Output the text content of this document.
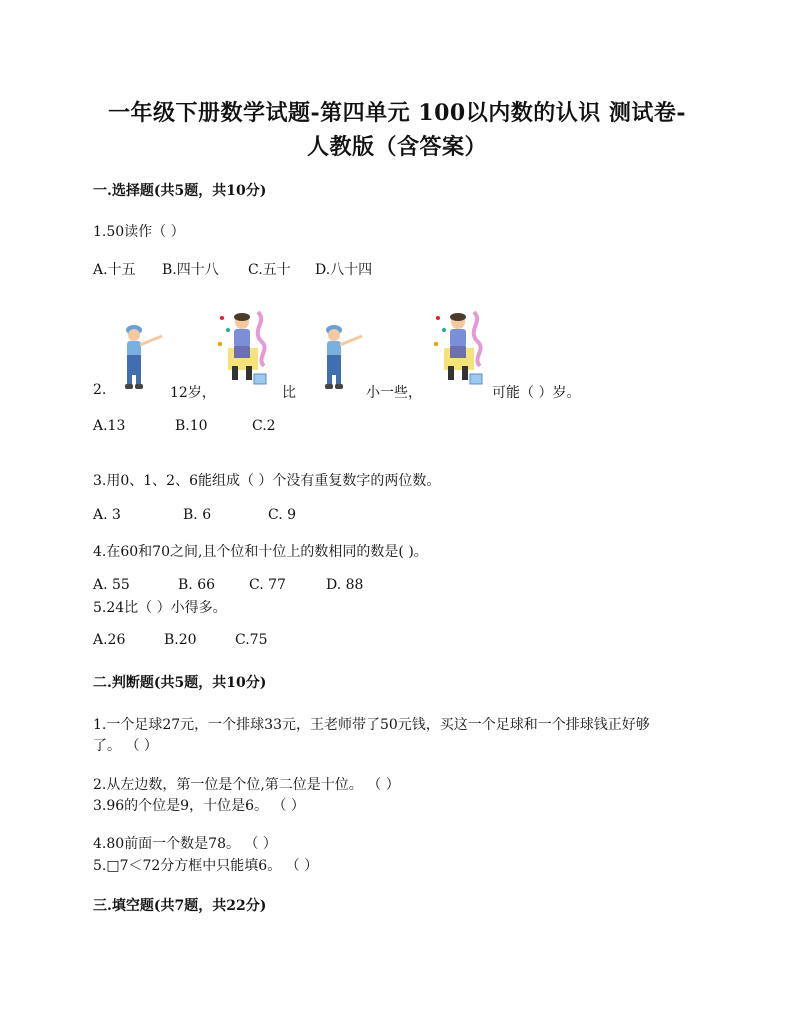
一年级下册数学试题-第四单元 100以内数的认识 测试卷-
人教版（含答案）
一.选择题(共5题，共10分)
1.50读作（ ）
A.十五 B.四十八 C.五十 D.八十四
2.	12岁，	比	小一些，	可能（ ）岁。
A.13	B.10	C.2
3.用0、1、2、6能组成（ ）个没有重复数字的两位数。
A. 3	B. 6	C. 9
4.在60和70之间,且个位和十位上的数相同的数是( )。
A. 55	B. 66 C. 77	D. 88
5.24比（ ）小得多。
A.26	B.20	C.75
二.判断题(共5题，共10分)
1.一个足球27元，一个排球33元，王老师带了50元钱，买这一个足球和一个排球钱正好够
了。 （ ）
2.从左边数，第一位是个位,第二位是十位。 （ ）
3.96的个位是9，十位是6。 （ ）
4.80前面一个数是78。 （ ）
5.□7＜72分方框中只能填6。 （ ）
三.填空题(共7题，共22分)
